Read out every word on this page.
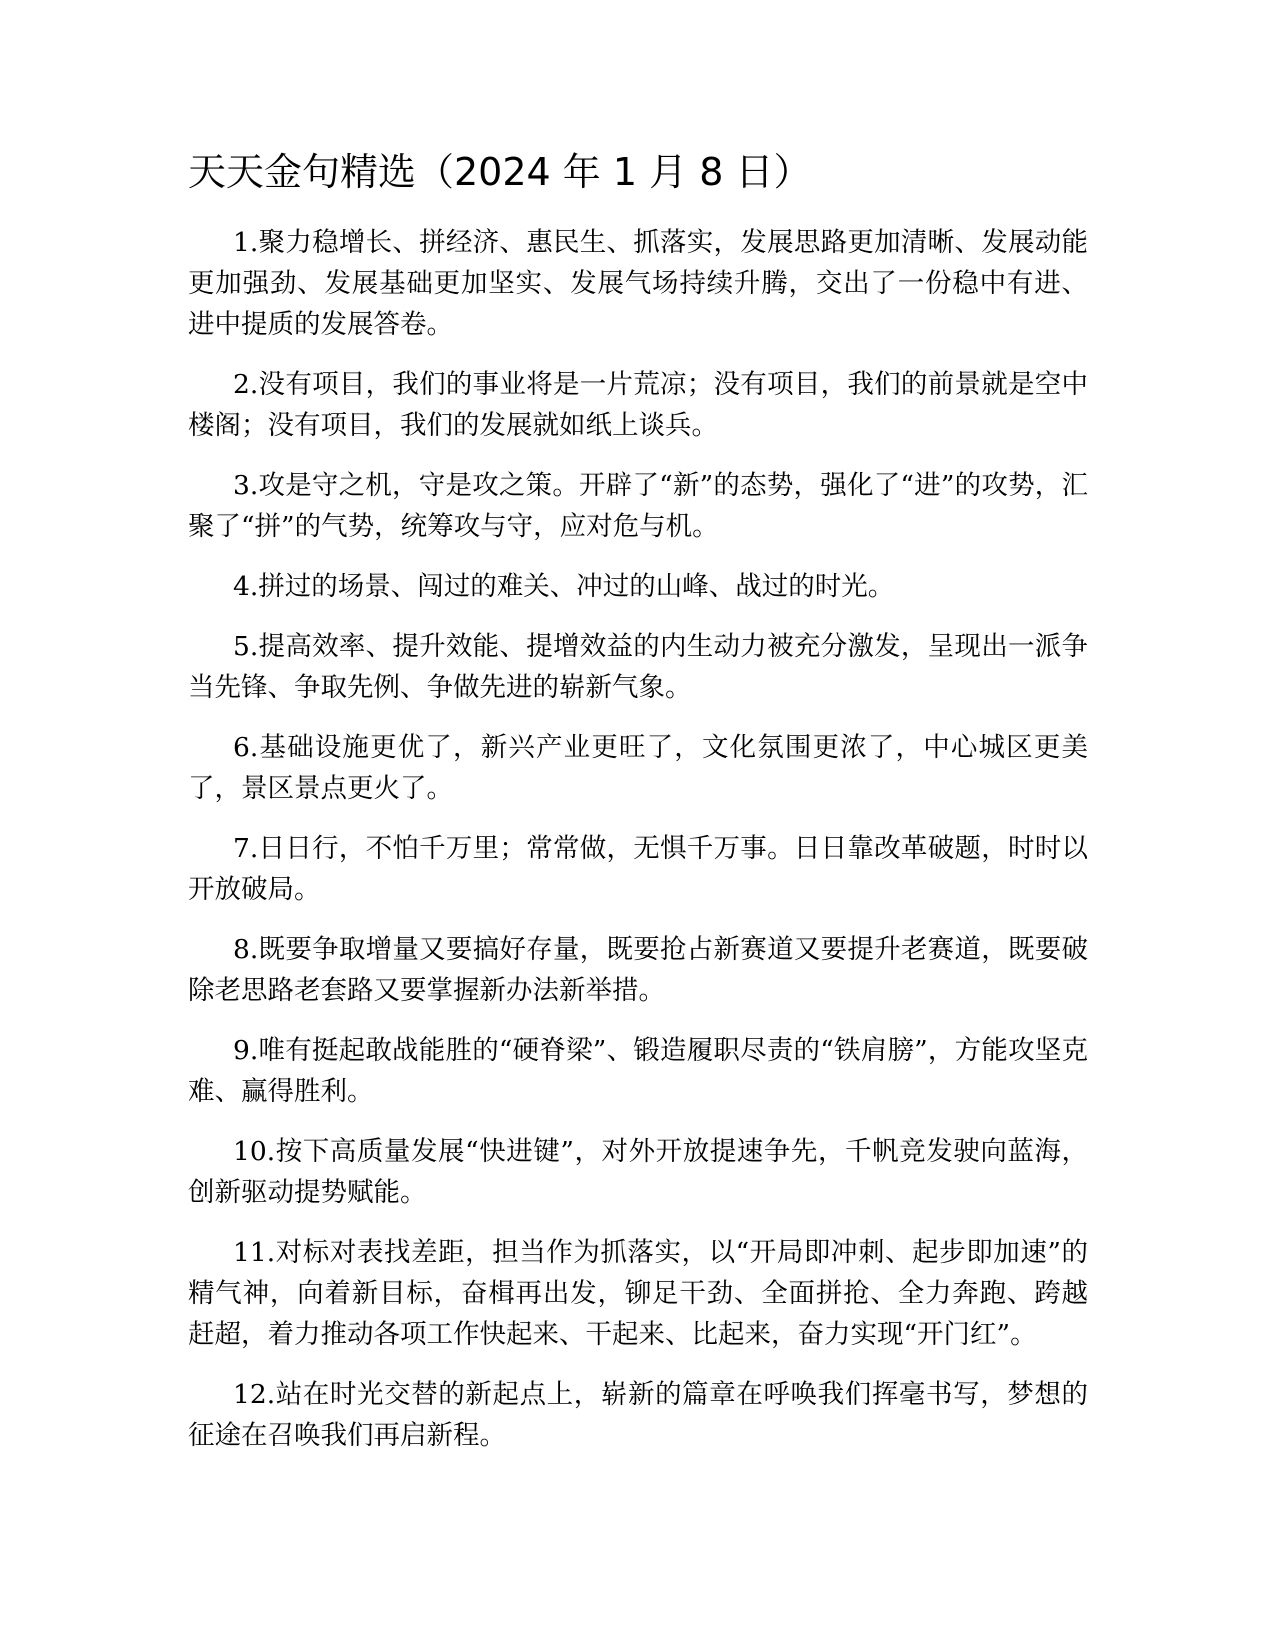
天天金句精选（2024 年 1 月 8 日）

1.聚力稳增长、拼经济、惠民生、抓落实，发展思路更加清晰、发展动能更加强劲、发展基础更加坚实、发展气场持续升腾，交出了一份稳中有进、进中提质的发展答卷。

2.没有项目，我们的事业将是一片荒凉；没有项目，我们的前景就是空中楼阁；没有项目，我们的发展就如纸上谈兵。

3.攻是守之机，守是攻之策。开辟了“新”的态势，强化了“进”的攻势，汇聚了“拼”的气势，统筹攻与守，应对危与机。

4.拼过的场景、闯过的难关、冲过的山峰、战过的时光。

5.提高效率、提升效能、提增效益的内生动力被充分激发，呈现出一派争当先锋、争取先例、争做先进的崭新气象。

6.基础设施更优了，新兴产业更旺了，文化氛围更浓了，中心城区更美了，景区景点更火了。

7.日日行，不怕千万里；常常做，无惧千万事。日日靠改革破题，时时以开放破局。

8.既要争取增量又要搞好存量，既要抢占新赛道又要提升老赛道，既要破除老思路老套路又要掌握新办法新举措。

9.唯有挺起敢战能胜的“硬脊梁”、锻造履职尽责的“铁肩膀”，方能攻坚克难、赢得胜利。

10.按下高质量发展“快进键”，对外开放提速争先，千帆竞发驶向蓝海，创新驱动提势赋能。

11.对标对表找差距，担当作为抓落实，以“开局即冲刺、起步即加速”的精气神，向着新目标，奋楫再出发，铆足干劲、全面拼抢、全力奔跑、跨越赶超，着力推动各项工作快起来、干起来、比起来，奋力实现“开门红”。

12.站在时光交替的新起点上，崭新的篇章在呼唤我们挥毫书写，梦想的征途在召唤我们再启新程。
